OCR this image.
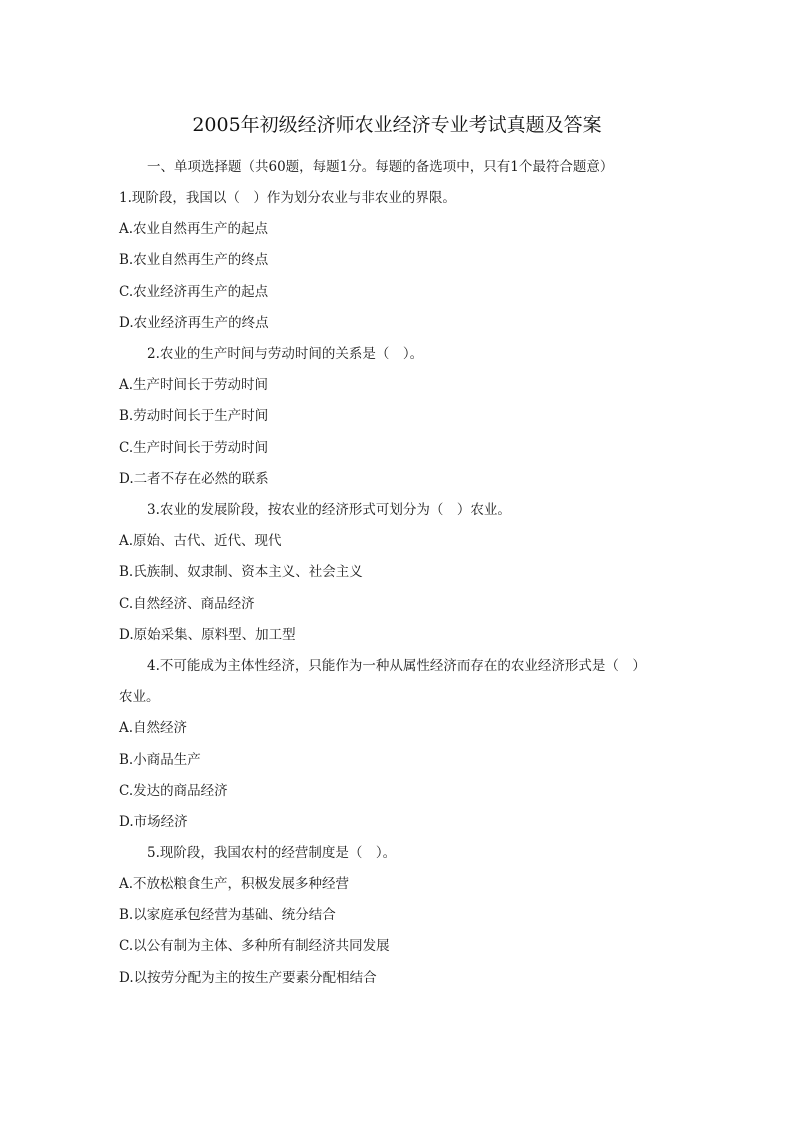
2005年初级经济师农业经济专业考试真题及答案
一、单项选择题（共60题，每题1分。每题的备选项中，只有1个最符合题意）
1.现阶段，我国以（　）作为划分农业与非农业的界限。
A.农业自然再生产的起点
B.农业自然再生产的终点
C.农业经济再生产的起点
D.农业经济再生产的终点
2.农业的生产时间与劳动时间的关系是（　）。
A.生产时间长于劳动时间
B.劳动时间长于生产时间
C.生产时间长于劳动时间
D.二者不存在必然的联系
3.农业的发展阶段，按农业的经济形式可划分为（　）农业。
A.原始、古代、近代、现代
B.氏族制、奴隶制、资本主义、社会主义
C.自然经济、商品经济
D.原始采集、原料型、加工型
4.不可能成为主体性经济，只能作为一种从属性经济而存在的农业经济形式是（　）
农业。
A.自然经济
B.小商品生产
C.发达的商品经济
D.市场经济
5.现阶段，我国农村的经营制度是（　）。
A.不放松粮食生产，积极发展多种经营
B.以家庭承包经营为基础、统分结合
C.以公有制为主体、多种所有制经济共同发展
D.以按劳分配为主的按生产要素分配相结合
